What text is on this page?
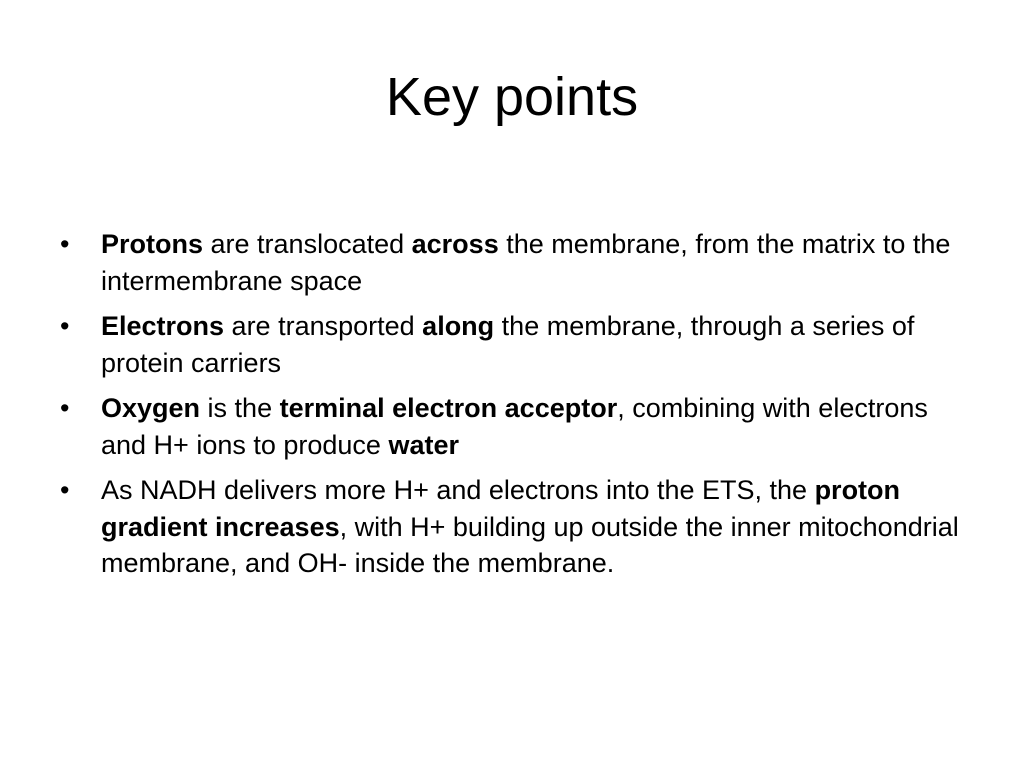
Key points
• Protons are translocated across the membrane, from the matrix to the intermembrane space
• Electrons are transported along the membrane, through a series of protein carriers
• Oxygen is the terminal electron acceptor, combining with electrons and H+ ions to produce water
• As NADH delivers more H+ and electrons into the ETS, the proton gradient increases, with H+ building up outside the inner mitochondrial membrane, and OH- inside the membrane.
